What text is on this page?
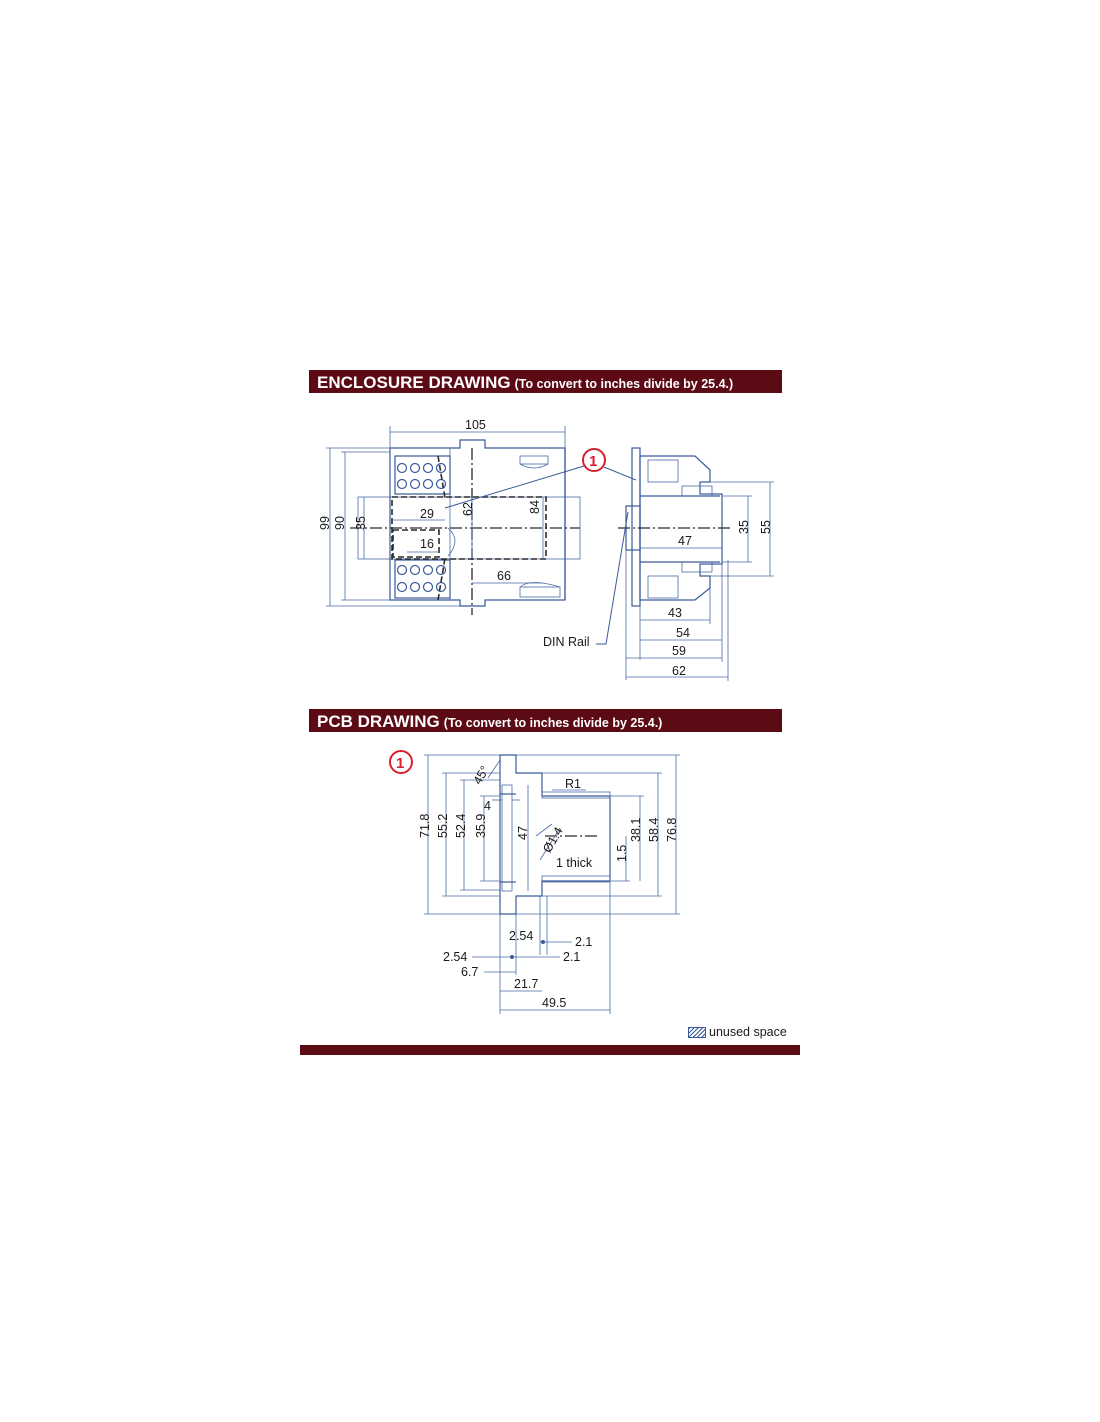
ENCLOSURE DRAWING (To convert to inches divide by 25.4.)
PCB DRAWING (To convert to inches divide by 25.4.)
105
99 90 35
29 62	84
16
66
1
35 55
47
43
54
59
62
DIN Rail
1
71.8 55.2 52.4 35.9 47
4
45°	R1
Ø1.4
1 thick
1.5
38.1 58.4 76.8
2.54	2.1
2.54	2.1
6.7
21.7
49.5
unused space
